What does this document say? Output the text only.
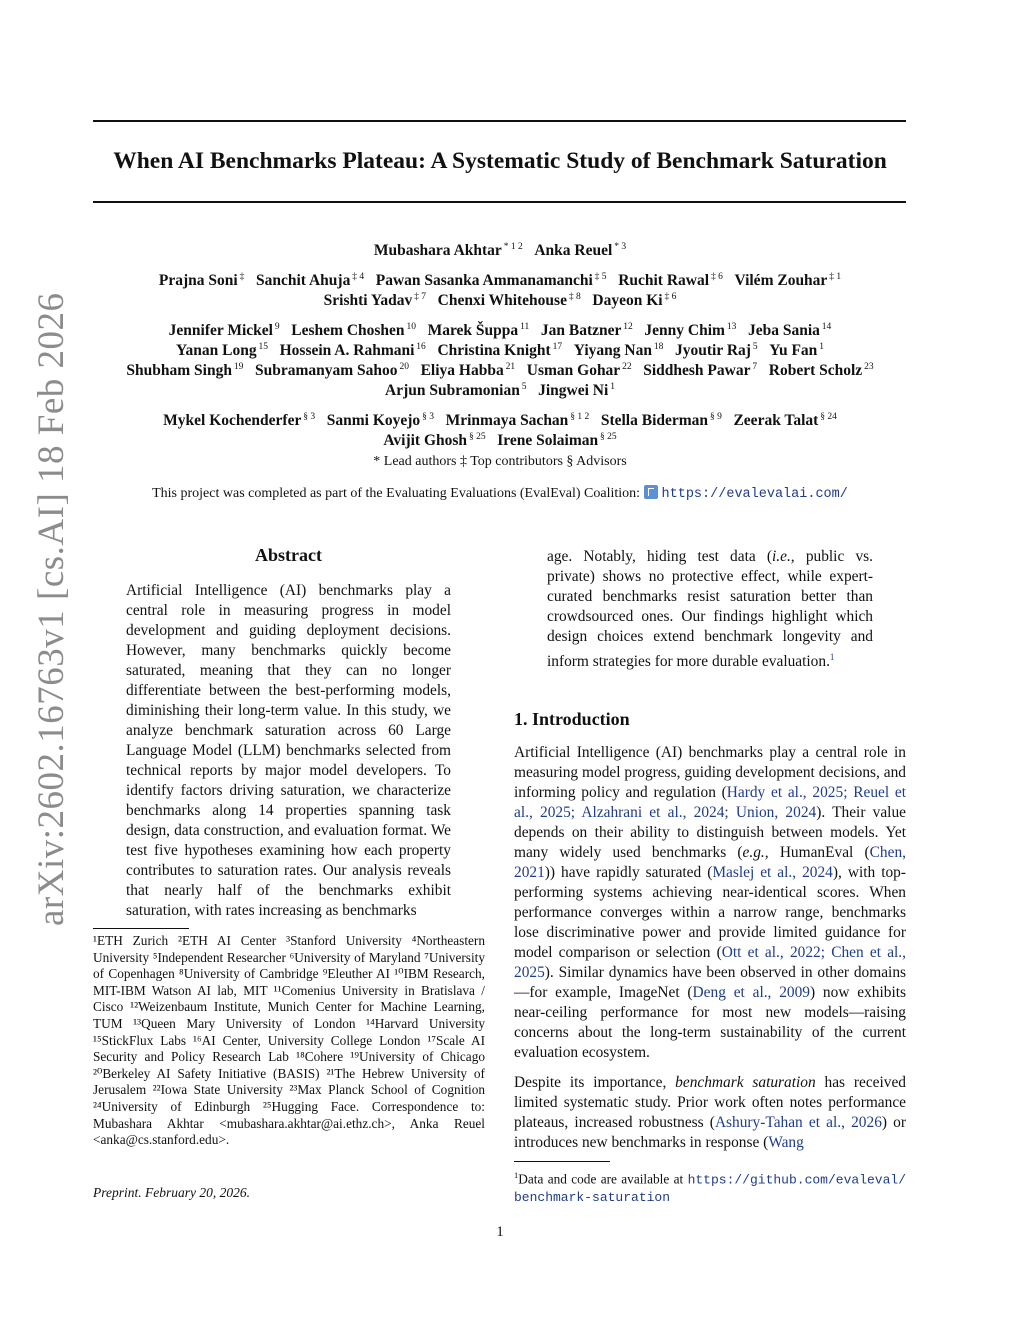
arXiv:2602.16763v1 [cs.AI] 18 Feb 2026
When AI Benchmarks Plateau: A Systematic Study of Benchmark Saturation
Mubashara Akhtar $^{* 1 2}$ Anka Reuel $^{* 3}$
Prajna Soni ‡ Sanchit Ahuja $^{\ddagger 4}$ Pawan Sasanka Ammanamanchi $^{\ddagger 5}$ Ruchit Rawal $^{\ddagger 6}$ Vilém Zouhar $^{\ddagger 1}$
Srishti Yadav $^{\ddagger 7}$ Chenxi Whitehouse $^{\ddagger 8}$ Dayeon Ki $^{\ddagger 6}$
Jennifer Mickel $^9$ Leshem Choshen $^{10}$ Marek Šuppa $^{11}$ Jan Batzner $^{12}$ Jenny Chim $^{13}$ Jeba Sania $^{14}$
Yanan Long $^{15}$ Hossein A. Rahmani $^{16}$ Christina Knight $^{17}$ Yiyang Nan $^{18}$ Jyoutir Raj $^5$ Yu Fan $^1$
Shubham Singh $^{19}$ Subramanyam Sahoo $^{20}$ Eliya Habba $^{21}$ Usman Gohar $^{22}$ Siddhesh Pawar $^7$ Robert Scholz $^{23}$
Arjun Subramonian $^5$ Jingwei Ni $^1$
Mykel Kochenderfer $^{\S 3}$ Sanmi Koyejo $^{\S 3}$ Mrinmaya Sachan $^{\S 1 2}$ Stella Biderman $^{\S 9}$ Zeerak Talat $^{\S 24}$
Avijit Ghosh $^{\S 25}$ Irene Solaiman $^{\S 25}$
* Lead authors ‡ Top contributors § Advisors
This project was completed as part of the Evaluating Evaluations (EvalEval) Coalition: https://evalevalai.com/
Abstract
Artificial Intelligence (AI) benchmarks play a central role in measuring progress in model development and guiding deployment decisions. However, many benchmarks quickly become saturated, meaning that they can no longer differentiate between the best-performing models, diminishing their long-term value. In this study, we analyze benchmark saturation across 60 Large Language Model (LLM) benchmarks selected from technical reports by major model developers. To identify factors driving saturation, we characterize benchmarks along 14 properties spanning task design, data construction, and evaluation format. We test five hypotheses examining how each property contributes to saturation rates. Our analysis reveals that nearly half of the benchmarks exhibit saturation, with rates increasing as benchmarks
age. Notably, hiding test data (i.e., public vs. private) shows no protective effect, while expert-curated benchmarks resist saturation better than crowdsourced ones. Our findings highlight which design choices extend benchmark longevity and inform strategies for more durable evaluation.$^1$
1. Introduction

Artificial Intelligence (AI) benchmarks play a central role in measuring model progress, guiding development decisions, and informing policy and regulation (Hardy et al., 2025; Reuel et al., 2025; Alzahrani et al., 2024; Union, 2024). Their value depends on their ability to distinguish between models. Yet many widely used benchmarks (e.g., HumanEval (Chen, 2021)) have rapidly saturated (Maslej et al., 2024), with top-performing systems achieving near-identical scores. When performance converges within a narrow range, benchmarks lose discriminative power and provide limited guidance for model comparison or selection (Ott et al., 2022; Chen et al., 2025). Similar dynamics have been observed in other domains—for example, ImageNet (Deng et al., 2009) now exhibits near-ceiling performance for most new models—raising concerns about the long-term sustainability of the current evaluation ecosystem.

Despite its importance, benchmark saturation has received limited systematic study. Prior work often notes performance plateaus, increased robustness (Ashury-Tahan et al., 2026) or introduces new benchmarks in response (Wang

¹ETH Zurich ²ETH AI Center ³Stanford University ⁴Northeastern University ⁵Independent Researcher ⁶University of Maryland ⁷University of Copenhagen ⁸University of Cambridge ⁹Eleuther AI ¹⁰IBM Research, MIT-IBM Watson AI lab, MIT ¹¹Comenius University in Bratislava / Cisco ¹²Weizenbaum Institute, Munich Center for Machine Learning, TUM ¹³Queen Mary University of London ¹⁴Harvard University ¹⁵StickFlux Labs ¹⁶AI Center, University College London ¹⁷Scale AI Security and Policy Research Lab ¹⁸Cohere ¹⁹University of Chicago ²⁰Berkeley AI Safety Initiative (BASIS) ²¹The Hebrew University of Jerusalem ²²Iowa State University ²³Max Planck School of Cognition ²⁴University of Edinburgh ²⁵Hugging Face. Correspondence to: Mubashara Akhtar <mubashara.akhtar@ai.ethz.ch>, Anka Reuel <anka@cs.stanford.edu>.
$^1$Data and code are available at https://github.com/evaleval/benchmark-saturation
Preprint. February 20, 2026.
1
